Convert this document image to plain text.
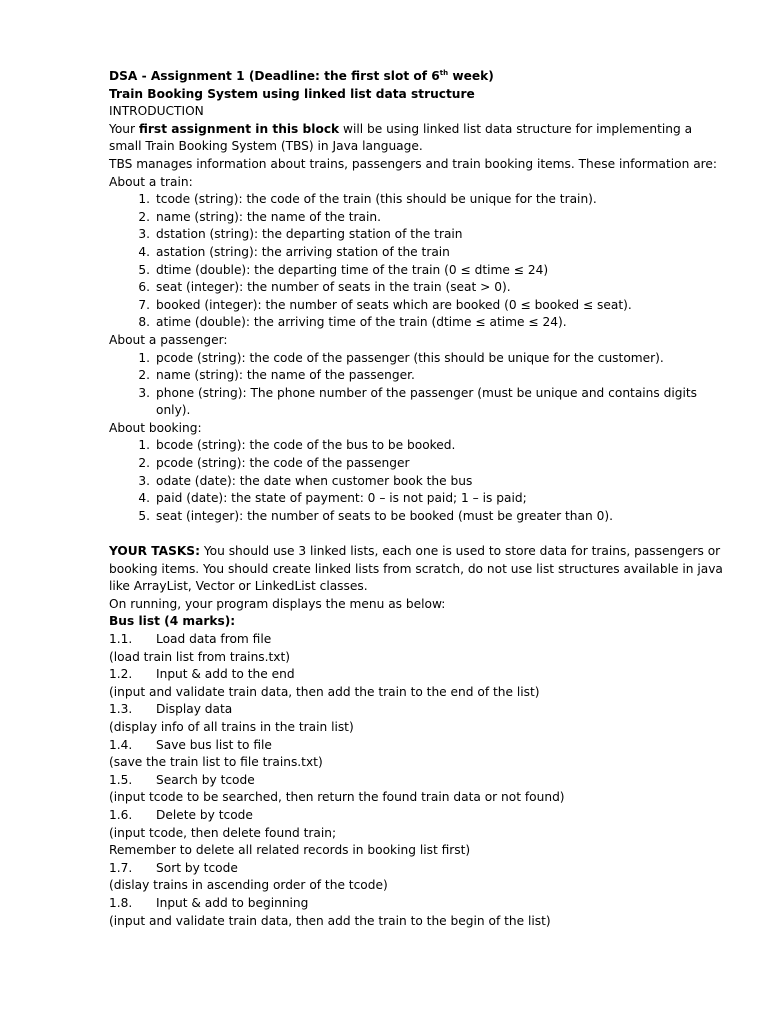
DSA - Assignment 1 (Deadline: the first slot of 6th week)
Train Booking System using linked list data structure
INTRODUCTION
Your first assignment in this block will be using linked list data structure for implementing a small Train Booking System (TBS) in Java language.
TBS manages information about trains, passengers and train booking items. These information are:
About a train:
1. tcode (string): the code of the train (this should be unique for the train).
2. name (string): the name of the train.
3. dstation (string): the departing station of the train
4. astation (string): the arriving station of the train
5. dtime (double): the departing time of the train (0 ≤ dtime ≤ 24)
6. seat (integer): the number of seats in the train (seat > 0).
7. booked (integer): the number of seats which are booked (0 ≤ booked ≤ seat).
8. atime (double): the arriving time of the train (dtime ≤ atime ≤ 24).
About a passenger:
1. pcode (string): the code of the passenger (this should be unique for the customer).
2. name (string): the name of the passenger.
3. phone (string): The phone number of the passenger (must be unique and contains digits only).
About booking:
1. bcode (string): the code of the bus to be booked.
2. pcode (string): the code of the passenger
3. odate (date): the date when customer book the bus
4. paid (date): the state of payment: 0 – is not paid; 1 – is paid;
5. seat (integer): the number of seats to be booked (must be greater than 0).
YOUR TASKS: You should use 3 linked lists, each one is used to store data for trains, passengers or booking items. You should create linked lists from scratch, do not use list structures available in java like ArrayList, Vector or LinkedList classes.
On running, your program displays the menu as below:
Bus list (4 marks):
1.1. Load data from file
(load train list from trains.txt)
1.2. Input & add to the end
(input and validate train data, then add the train to the end of the list)
1.3. Display data
(display info of all trains in the train list)
1.4. Save bus list to file
(save the train list to file trains.txt)
1.5. Search by tcode
(input tcode to be searched, then return the found train data or not found)
1.6. Delete by tcode
(input tcode, then delete found train;
Remember to delete all related records in booking list first)
1.7. Sort by tcode
(dislay trains in ascending order of the tcode)
1.8. Input & add to beginning
(input and validate train data, then add the train to the begin of the list)
